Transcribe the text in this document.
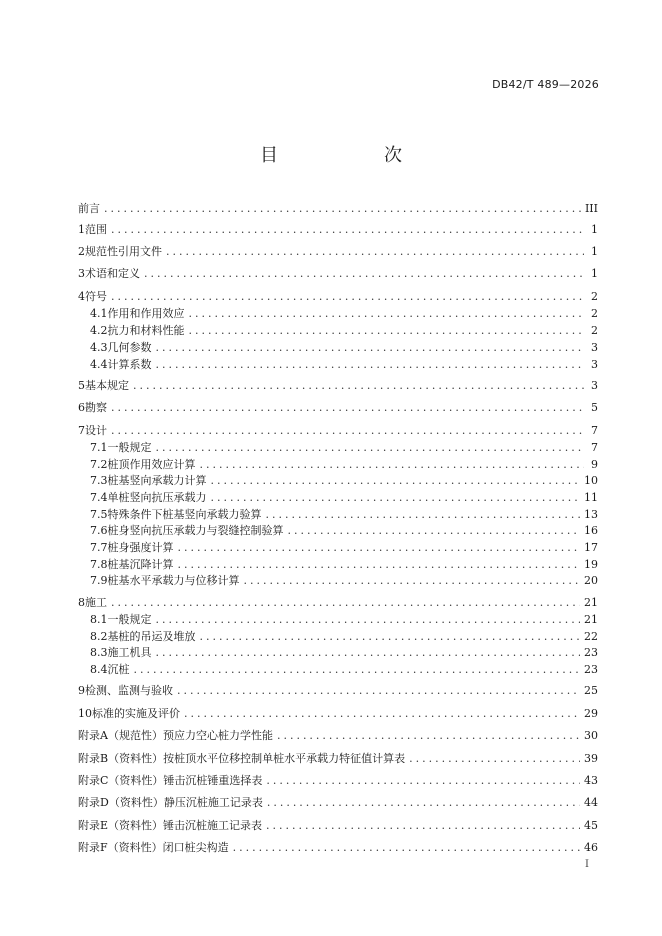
DB42/T 489—2026
目　次
前言 .....	III
1 范围 .....	1
2 规范性引用文件 .....	1
3 术语和定义 .....	1
4 符号 .....	2
4.1 作用和作用效应 .....	2
4.2 抗力和材料性能 .....	2
4.3 几何参数 .....	3
4.4 计算系数 .....	3
5 基本规定 .....	3
6 勘察 .....	5
7 设计 .....	7
7.1 一般规定 .....	7
7.2 桩顶作用效应计算 .....	9
7.3 桩基竖向承载力计算 .....	10
7.4 单桩竖向抗压承载力 .....	11
7.5 特殊条件下桩基竖向承载力验算 .....	13
7.6 桩身竖向抗压承载力与裂缝控制验算 .....	16
7.7 桩身强度计算 .....	17
7.8 桩基沉降计算 .....	19
7.9 桩基水平承载力与位移计算 .....	20
8 施工 .....	21
8.1 一般规定 .....	21
8.2 基桩的吊运及堆放 .....	22
8.3 施工机具 .....	23
8.4 沉桩 .....	23
9 检测、监测与验收 .....	25
10 标准的实施及评价 .....	29
附录A（规范性） 预应力空心桩力学性能 .....	30
附录B（资料性） 按桩顶水平位移控制单桩水平承载力特征值计算表 .....	39
附录C（资料性） 锤击沉桩锤重选择表 .....	43
附录D（资料性） 静压沉桩施工记录表 .....	44
附录E（资料性） 锤击沉桩施工记录表 .....	45
附录F（资料性） 闭口桩尖构造 .....	46
I
